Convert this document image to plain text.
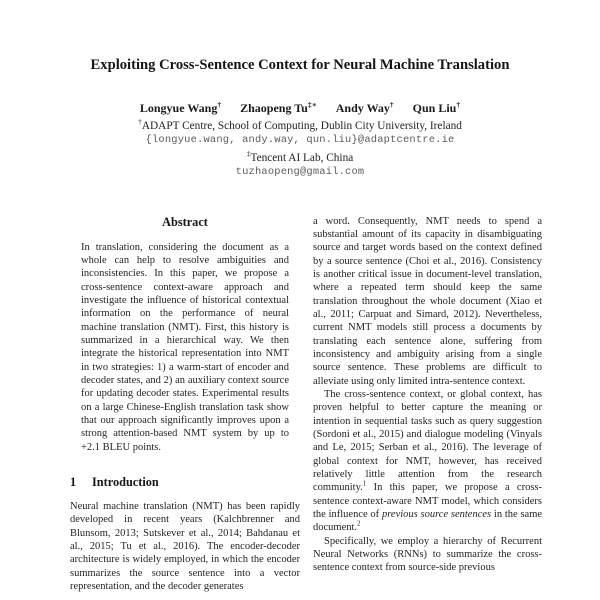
Exploiting Cross-Sentence Context for Neural Machine Translation
Longyue Wang† Zhaopeng Tu‡∗ Andy Way† Qun Liu†
†ADAPT Centre, School of Computing, Dublin City University, Ireland
{longyue.wang, andy.way, qun.liu}@adaptcentre.ie
‡Tencent AI Lab, China
tuzhaopeng@gmail.com
Abstract

In translation, considering the document as a whole can help to resolve ambiguities and inconsistencies. In this paper, we propose a cross-sentence context-aware approach and investigate the influence of historical contextual information on the performance of neural machine translation (NMT). First, this history is summarized in a hierarchical way. We then integrate the historical representation into NMT in two strategies: 1) a warm-start of encoder and decoder states, and 2) an auxiliary context source for updating decoder states. Experimental results on a large Chinese-English translation task show that our approach significantly improves upon a strong attention-based NMT system by up to +2.1 BLEU points.

1 Introduction

Neural machine translation (NMT) has been rapidly developed in recent years (Kalchbrenner and Blunsom, 2013; Sutskever et al., 2014; Bahdanau et al., 2015; Tu et al., 2016). The encoder-decoder architecture is widely employed, in which the encoder summarizes the source sentence into a vector representation, and the decoder generates

a word. Consequently, NMT needs to spend a substantial amount of its capacity in disambiguating source and target words based on the context defined by a source sentence (Choi et al., 2016). Consistency is another critical issue in document-level translation, where a repeated term should keep the same translation throughout the whole document (Xiao et al., 2011; Carpuat and Simard, 2012). Nevertheless, current NMT models still process a documents by translating each sentence alone, suffering from inconsistency and ambiguity arising from a single source sentence. These problems are difficult to alleviate using only limited intra-sentence context.

The cross-sentence context, or global context, has proven helpful to better capture the meaning or intention in sequential tasks such as query suggestion (Sordoni et al., 2015) and dialogue modeling (Vinyals and Le, 2015; Serban et al., 2016). The leverage of global context for NMT, however, has received relatively little attention from the research community.$^1$ In this paper, we propose a cross-sentence context-aware NMT model, which considers the influence of previous source sentences in the same document.$^2$

Specifically, we employ a hierarchy of Recurrent Neural Networks (RNNs) to summarize the cross-sentence context from source-side previous
